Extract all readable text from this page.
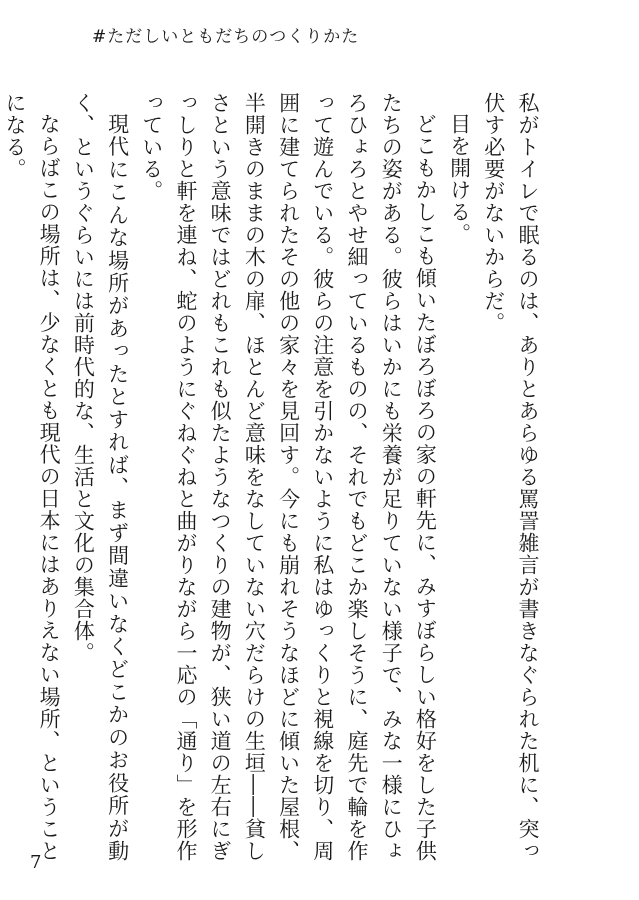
#ただしいともだちのつくりかた

私がトイレで眠るのは、ありとあらゆる罵詈雑言が書きなぐられた机に、突っ伏す必要がないからだ。

目を開ける。

どこもかしこも傾いたぼろぼろの家の軒先に、みすぼらしい格好をした子供たちの姿がある。彼らはいかにも栄養が足りていない様子で、みな一様にひょろひょろとやせ細っているものの、それでもどこか楽しそうに、庭先で輪を作って遊んでいる。彼らの注意を引かないように私はゆっくりと視線を切り、周囲に建てられたその他の家々を見回す。今にも崩れそうなほどに傾いた屋根、半開きのままの木の扉、ほとんど意味をなしていない穴だらけの生垣――貧しさという意味ではどれもこれも似たようなつくりの建物が、狭い道の左右にぎっしりと軒を連ね、蛇のようにぐねぐねと曲がりながら一応の「通り」を形作っている。

現代にこんな場所があったとすれば、まず間違いなくどこかのお役所が動く、というぐらいには前時代的な、生活と文化の集合体。

ならばこの場所は、少なくとも現代の日本にはありえない場所、ということになる。

7
